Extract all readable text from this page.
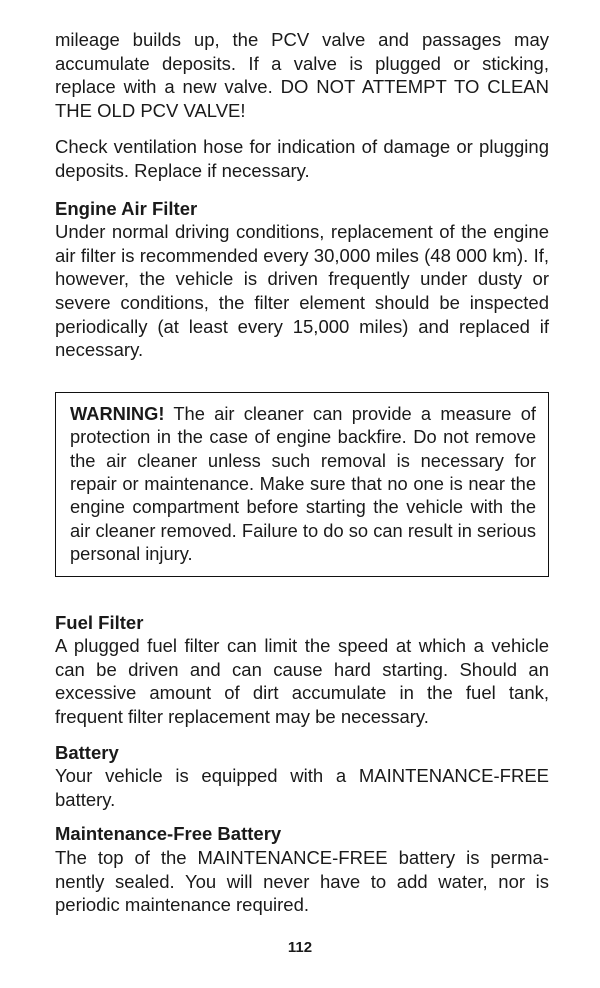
mileage builds up, the PCV valve and passages may accumulate deposits. If a valve is plugged or sticking, replace with a new valve. DO NOT ATTEMPT TO CLEAN THE OLD PCV VALVE!

Check ventilation hose for indication of damage or plugging deposits. Replace if necessary.

Engine Air Filter

Under normal driving conditions, replacement of the engine air filter is recommended every 30,000 miles (48 000 km). If, however, the vehicle is driven frequently under dusty or severe conditions, the filter element should be inspected periodically (at least every 15,000 miles) and replaced if necessary.

WARNING! The air cleaner can provide a measure of protection in the case of engine backfire. Do not remove the air cleaner unless such removal is necessary for repair or maintenance. Make sure that no one is near the engine compartment before starting the vehicle with the air cleaner removed. Failure to do so can result in serious personal injury.

Fuel Filter

A plugged fuel filter can limit the speed at which a vehicle can be driven and can cause hard starting. Should an excessive amount of dirt accumulate in the fuel tank, frequent filter replacement may be necessary.

Battery

Your vehicle is equipped with a MAINTENANCE-FREE battery.

Maintenance-Free Battery

The top of the MAINTENANCE-FREE battery is permanently sealed. You will never have to add water, nor is periodic maintenance required.

112
